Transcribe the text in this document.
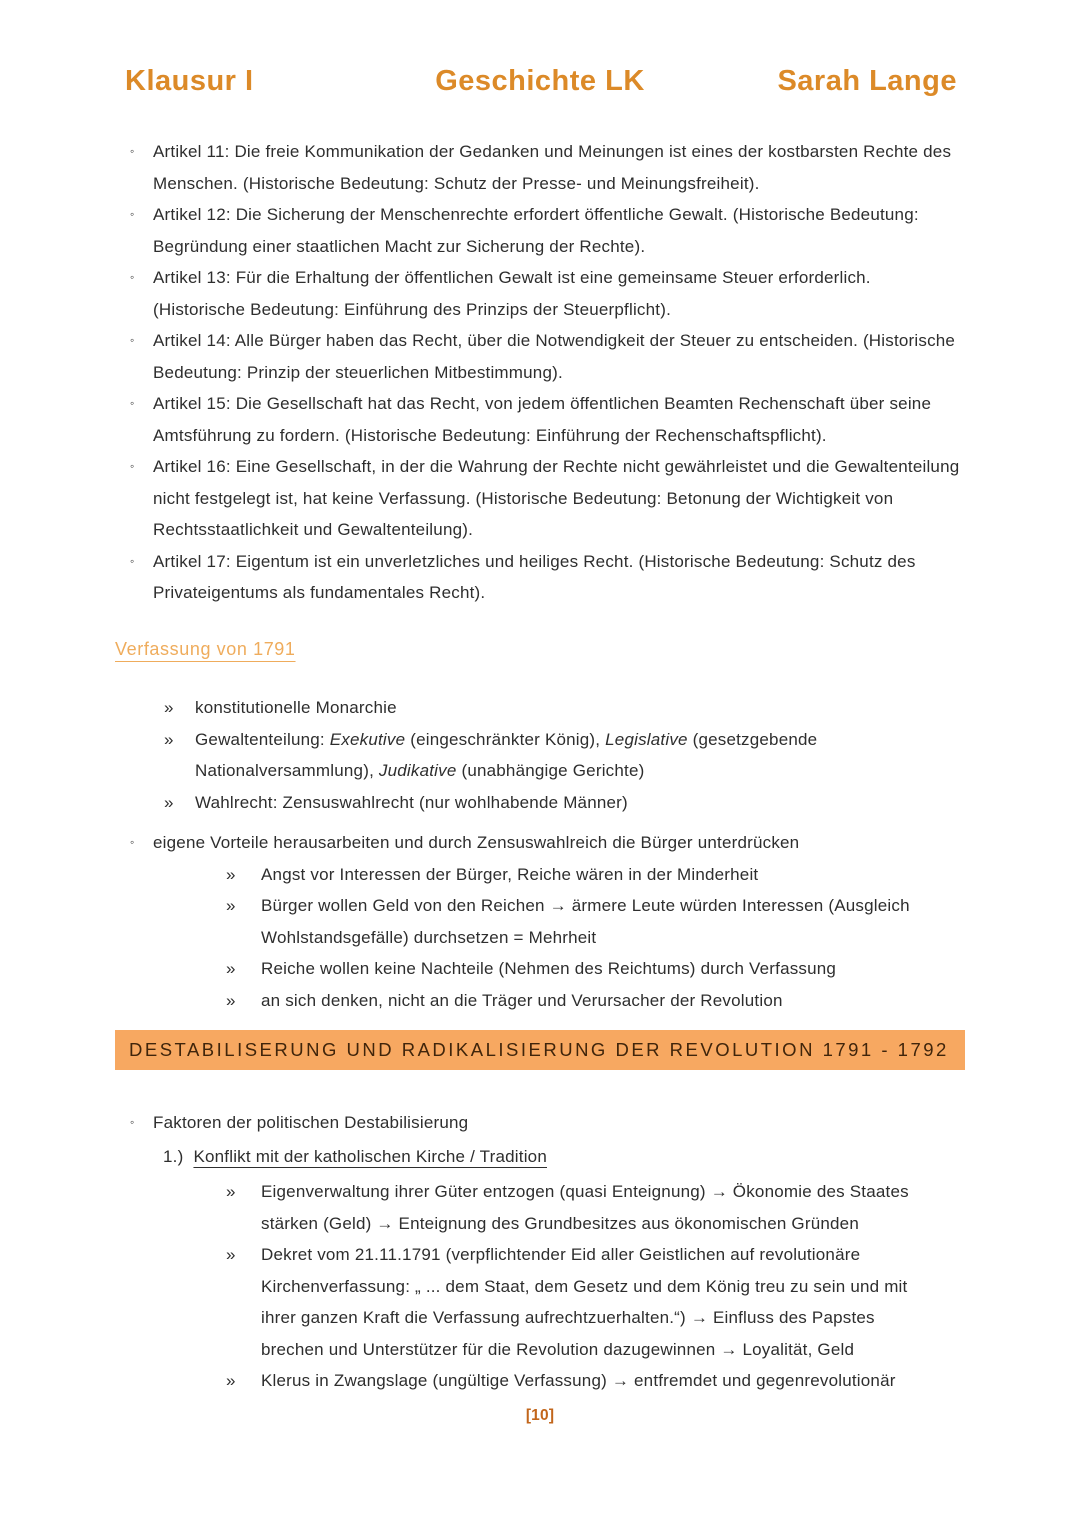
Klausur I	Geschichte LK	Sarah Lange
◦ Artikel 11: Die freie Kommunikation der Gedanken und Meinungen ist eines der kostbarsten Rechte des Menschen. (Historische Bedeutung: Schutz der Presse- und Meinungsfreiheit).
◦ Artikel 12: Die Sicherung der Menschenrechte erfordert öffentliche Gewalt. (Historische Bedeutung: Begründung einer staatlichen Macht zur Sicherung der Rechte).
◦ Artikel 13: Für die Erhaltung der öffentlichen Gewalt ist eine gemeinsame Steuer erforderlich. (Historische Bedeutung: Einführung des Prinzips der Steuerpflicht).
◦ Artikel 14: Alle Bürger haben das Recht, über die Notwendigkeit der Steuer zu entscheiden. (Historische Bedeutung: Prinzip der steuerlichen Mitbestimmung).
◦ Artikel 15: Die Gesellschaft hat das Recht, von jedem öffentlichen Beamten Rechenschaft über seine Amtsführung zu fordern. (Historische Bedeutung: Einführung der Rechenschaftspflicht).
◦ Artikel 16: Eine Gesellschaft, in der die Wahrung der Rechte nicht gewährleistet und die Gewaltenteilung nicht festgelegt ist, hat keine Verfassung. (Historische Bedeutung: Betonung der Wichtigkeit von Rechtsstaatlichkeit und Gewaltenteilung).
◦ Artikel 17: Eigentum ist ein unverletzliches und heiliges Recht. (Historische Bedeutung: Schutz des Privateigentums als fundamentales Recht).
Verfassung von 1791
» konstitutionelle Monarchie
» Gewaltenteilung: Exekutive (eingeschränkter König), Legislative (gesetzgebende Nationalversammlung), Judikative (unabhängige Gerichte)
» Wahlrecht: Zensuswahlrecht (nur wohlhabende Männer)
◦ eigene Vorteile herausarbeiten und durch Zensuswahlreich die Bürger unterdrücken
» Angst vor Interessen der Bürger, Reiche wären in der Minderheit
» Bürger wollen Geld von den Reichen → ärmere Leute würden Interessen (Ausgleich Wohlstandsgefälle) durchsetzen = Mehrheit
» Reiche wollen keine Nachteile (Nehmen des Reichtums) durch Verfassung
» an sich denken, nicht an die Träger und Verursacher der Revolution
DESTABILISERUNG UND RADIKALISIERUNG DER REVOLUTION 1791 - 1792
◦ Faktoren der politischen Destabilisierung
1.) Konflikt mit der katholischen Kirche / Tradition
» Eigenverwaltung ihrer Güter entzogen (quasi Enteignung) → Ökonomie des Staates stärken (Geld) → Enteignung des Grundbesitzes aus ökonomischen Gründen
» Dekret vom 21.11.1791 (verpflichtender Eid aller Geistlichen auf revolutionäre Kirchenverfassung: „ ... dem Staat, dem Gesetz und dem König treu zu sein und mit ihrer ganzen Kraft die Verfassung aufrechtzuerhalten.“) → Einfluss des Papstes brechen und Unterstützer für die Revolution dazugewinnen → Loyalität, Geld
» Klerus in Zwangslage (ungültige Verfassung) → entfremdet und gegenrevolutionär
[10]
